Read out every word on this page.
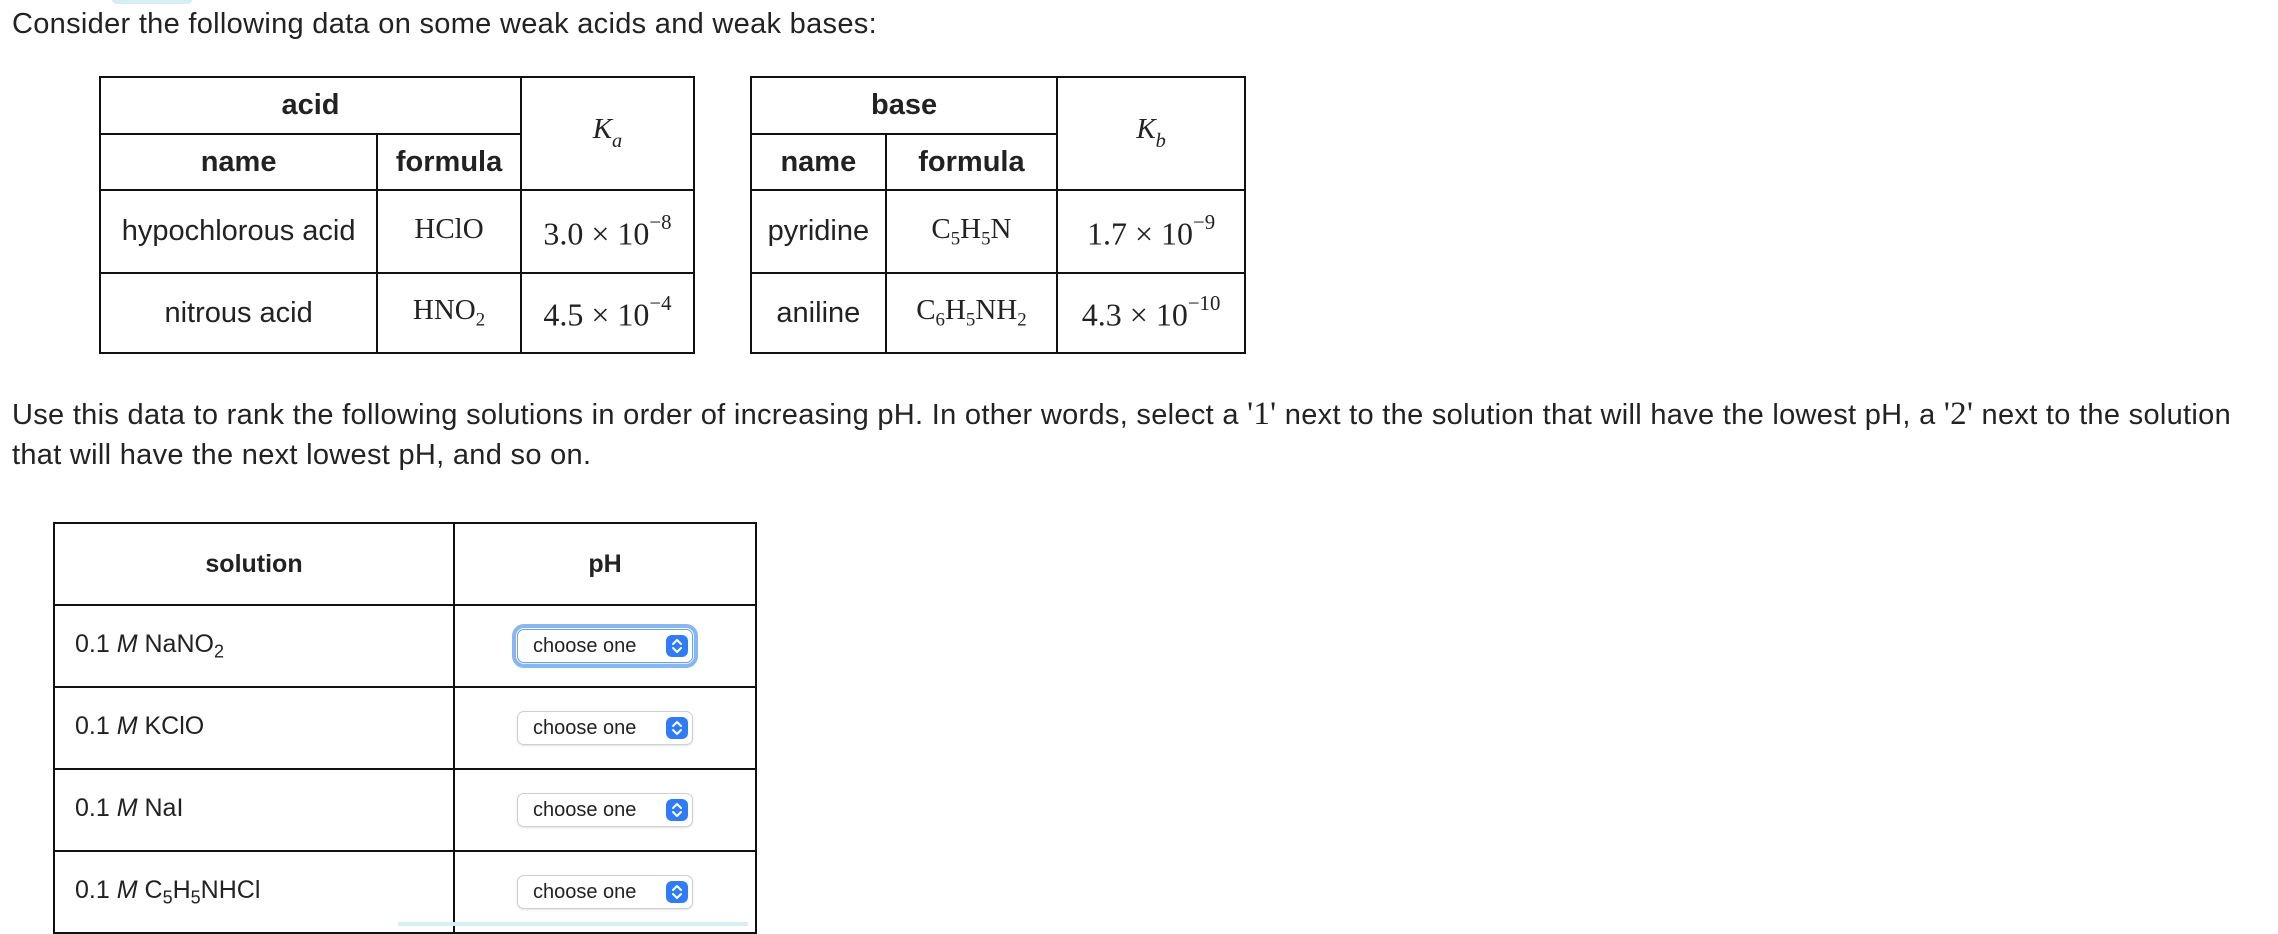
Consider the following data on some weak acids and weak bases:
acid		$K_a$
name	formula	
hypochlorous acid	HClO	$3.0 \times 10^{-8}$
nitrous acid	$HNO_2$	$4.5 \times 10^{-4}$
base		$K_b$
name	formula	
pyridine	$C_5H_5N$	$1.7 \times 10^{-9}$
aniline	$C_6H_5NH_2$	$4.3 \times 10^{-10}$
Use this data to rank the following solutions in order of increasing pH. In other words, select a '1' next to the solution that will have the lowest pH, a '2' next to the solution that will have the next lowest pH, and so on.
solution	pH
0.1 M NaNO$_2$	choose one

0.1 M KClO	choose one

0.1 M NaI	choose one

0.1 M $C_5H_5NHCl$	choose one
